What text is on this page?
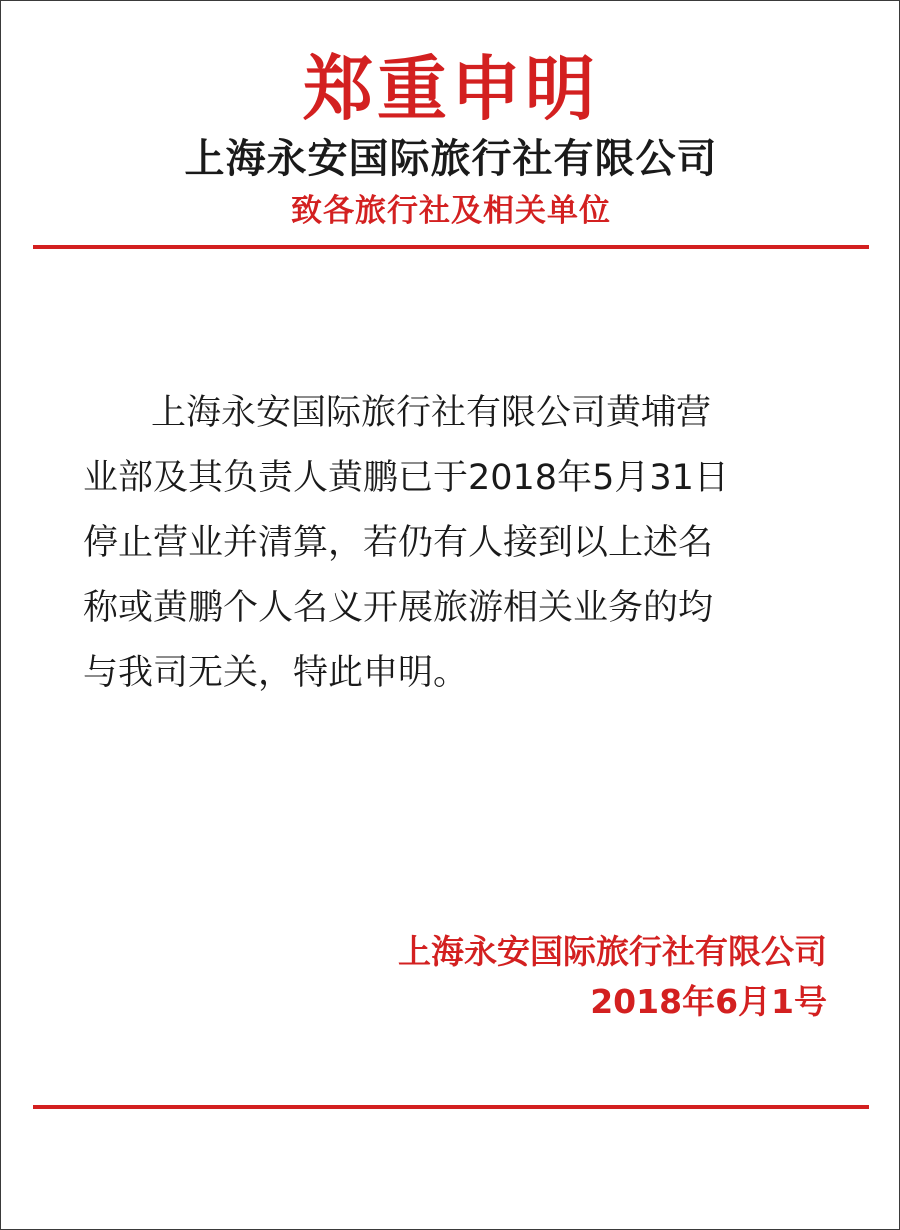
郑重申明
上海永安国际旅行社有限公司
致各旅行社及相关单位
上海永安国际旅行社有限公司黄埔营
业部及其负责人黄鹏已于2018年5月31日
停止营业并清算，若仍有人接到以上述名
称或黄鹏个人名义开展旅游相关业务的均
与我司无关，特此申明。
上海永安国际旅行社有限公司
2018年6月1号
